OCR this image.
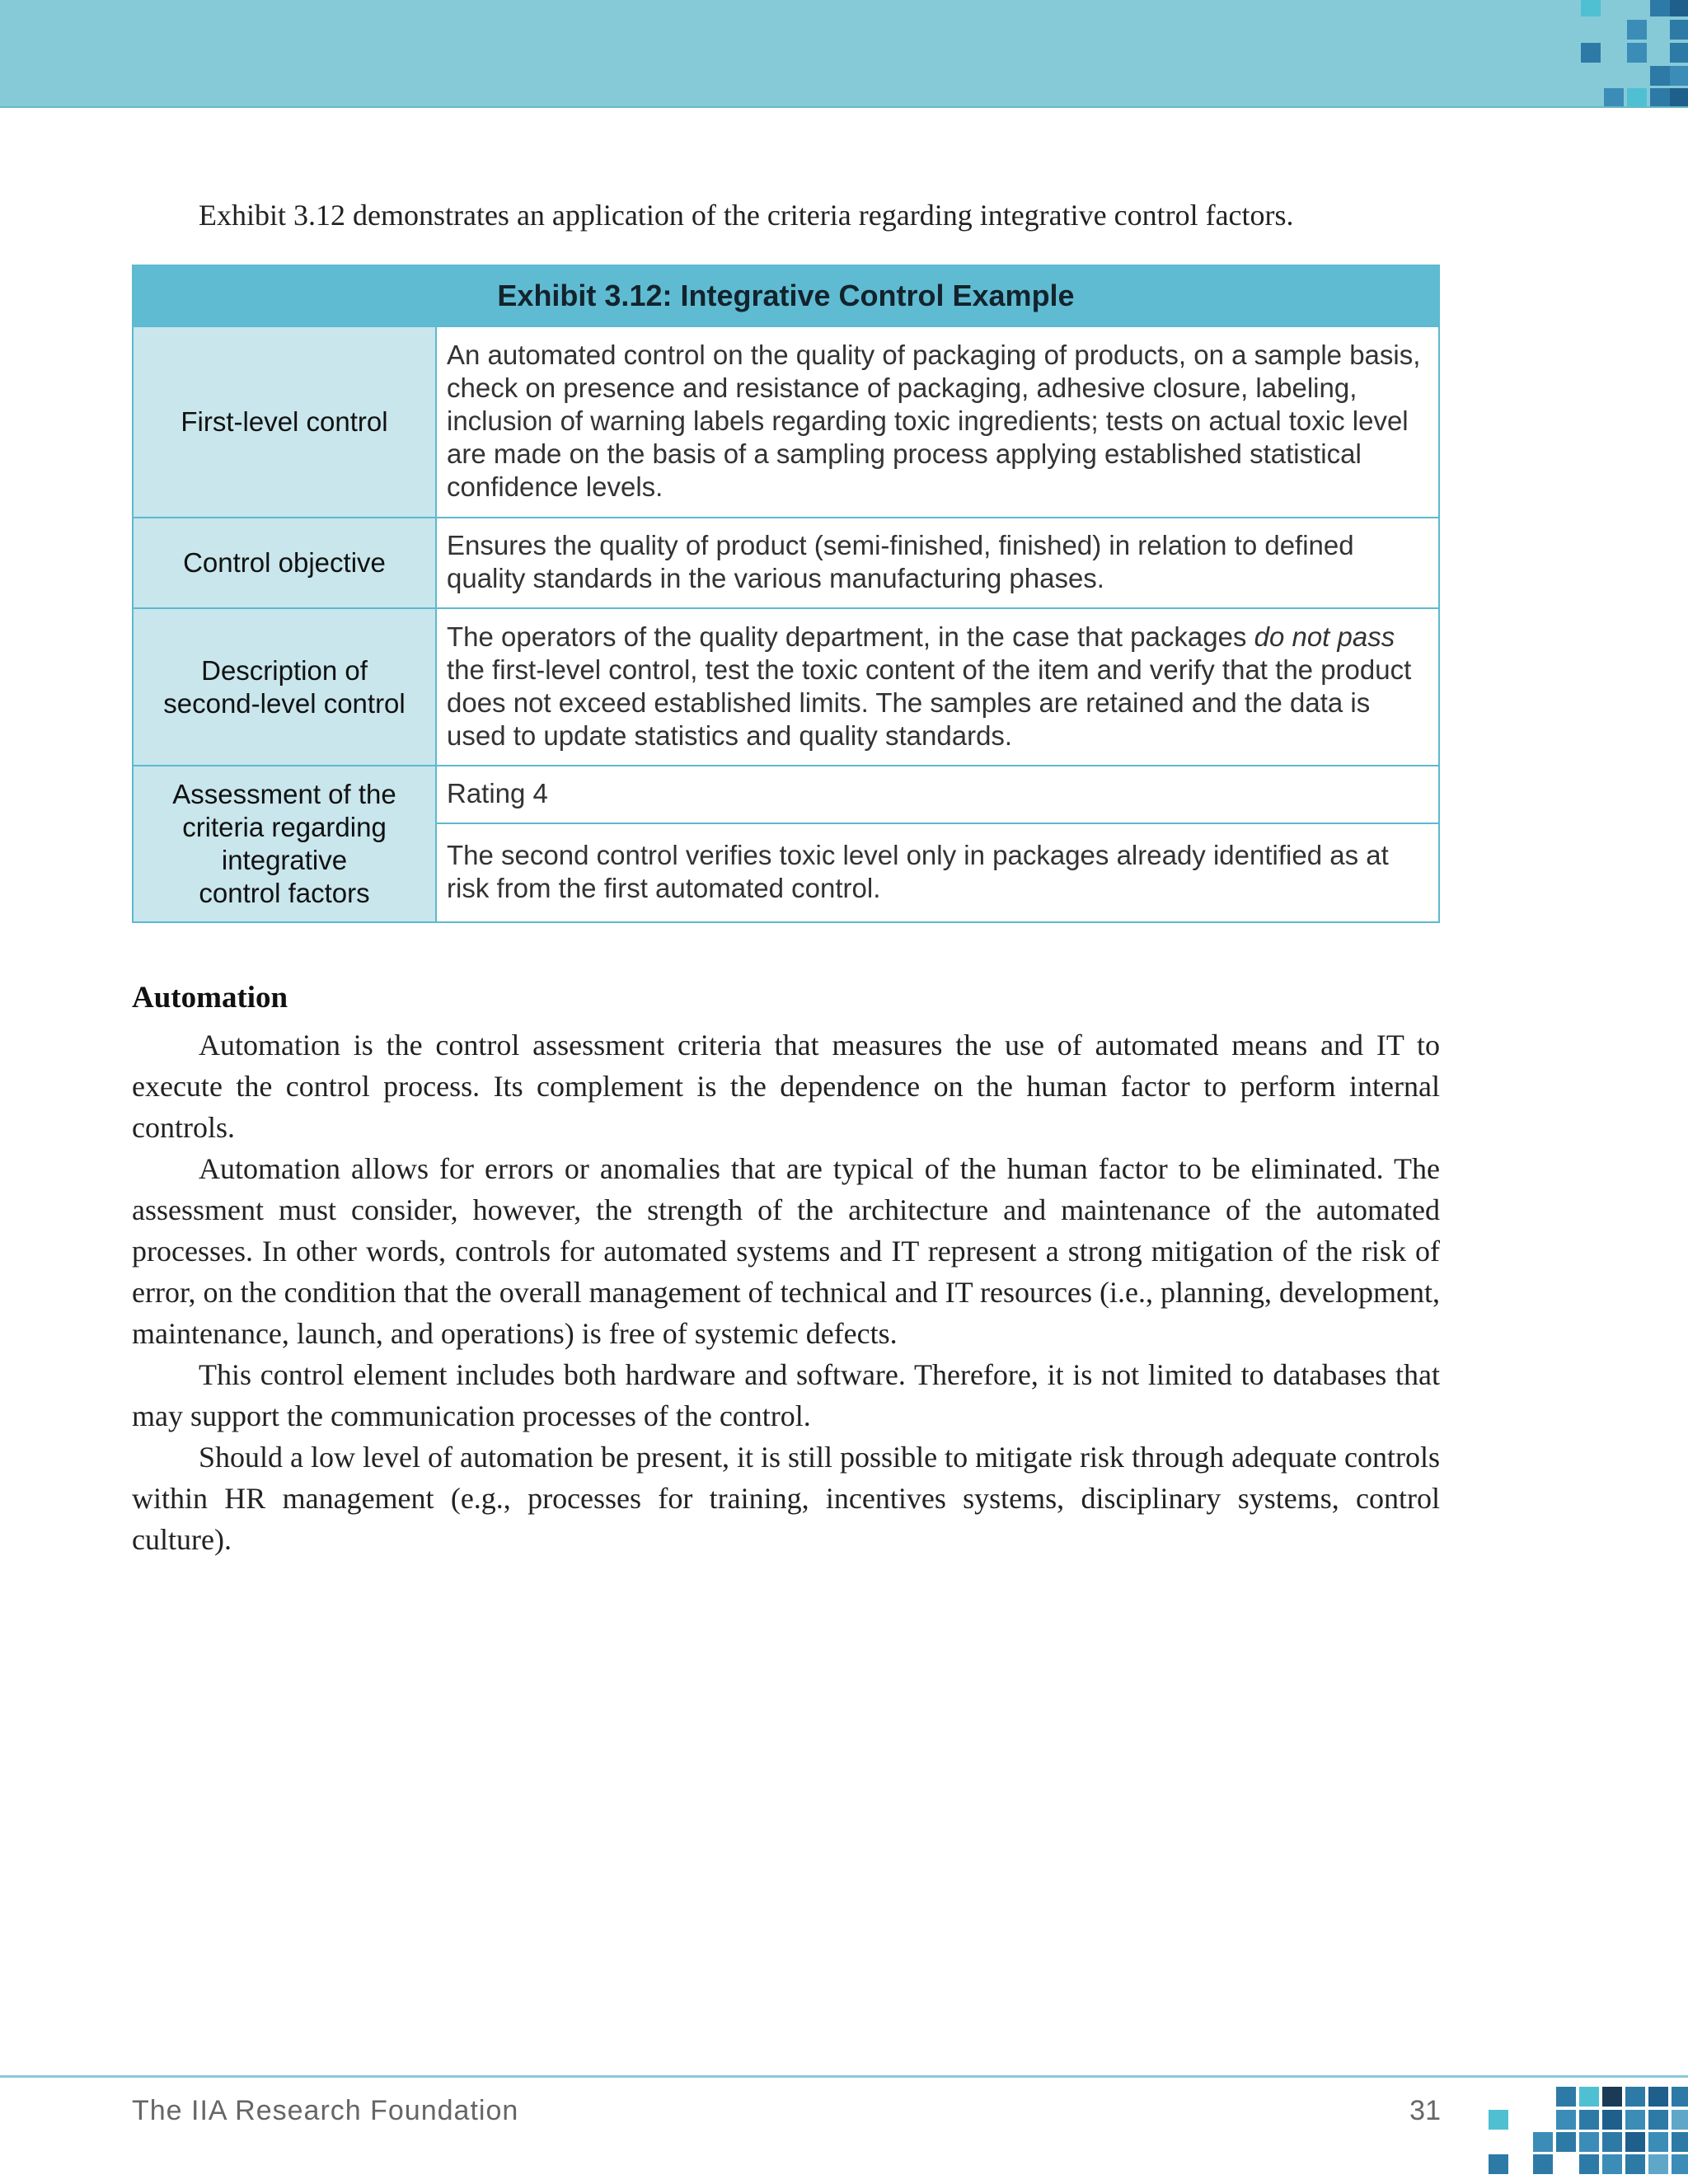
Exhibit 3.12 demonstrates an application of the criteria regarding integrative control factors.
Exhibit 3.12: Integrative Control Example	
First-level control	An automated control on the quality of packaging of products, on a sample basis, check on presence and resistance of packaging, adhesive closure, labeling, inclusion of warning labels regarding toxic ingredients; tests on actual toxic level are made on the basis of a sampling process applying established statistical confidence levels.
Control objective	Ensures the quality of product (semi-finished, finished) in relation to defined quality standards in the various manufacturing phases.
Description of
second-level control	The operators of the quality department, in the case that packages do not pass the first-level control, test the toxic content of the item and verify that the product does not exceed established limits. The samples are retained and the data is used to update statistics and quality standards.
Assessment of the
criteria regarding
integrative
control factors	Rating 4
	The second control verifies toxic level only in packages already identified as at risk from the first automated control.
Automation

Automation is the control assessment criteria that measures the use of automated means and IT to execute the control process. Its complement is the dependence on the human factor to perform internal controls.

Automation allows for errors or anomalies that are typical of the human factor to be eliminated. The assessment must consider, however, the strength of the architecture and maintenance of the automated processes. In other words, controls for automated systems and IT represent a strong mitigation of the risk of error, on the condition that the overall management of technical and IT resources (i.e., planning, development, maintenance, launch, and operations) is free of systemic defects.

This control element includes both hardware and software. Therefore, it is not limited to databases that may support the communication processes of the control.

Should a low level of automation be present, it is still possible to mitigate risk through adequate controls within HR management (e.g., processes for training, incentives systems, disciplinary systems, control culture).

The IIA Research Foundation	31
